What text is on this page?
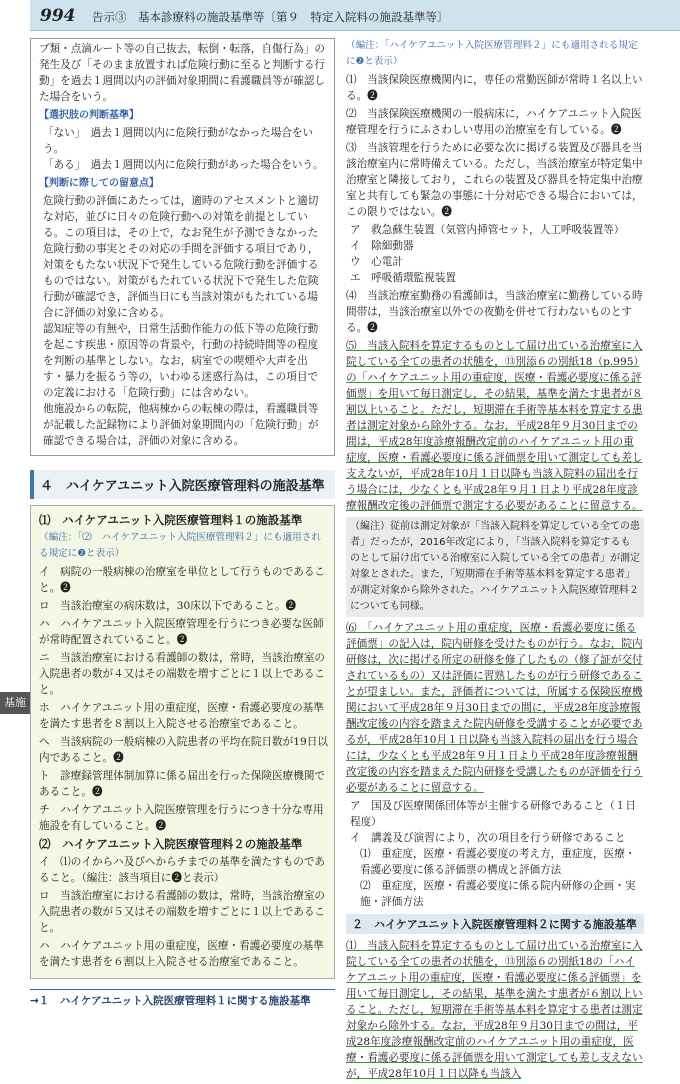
994 告示③　基本診療料の施設基準等〔第９　特定入院料の施設基準等〕
基施
ブ類・点滴ルート等の自己抜去，転倒・転落，自傷行為」の発生及び「そのまま放置すれば危険行動に至ると判断する行動」を過去１週間以内の評価対象期間に看護職員等が確認した場合をいう。
【選択肢の判断基準】
「ない」　過去１週間以内に危険行動がなかった場合をいう。
「ある」　過去１週間以内に危険行動があった場合をいう。
【判断に際しての留意点】
危険行動の評価にあたっては，適時のアセスメントと適切な対応，並びに日々の危険行動への対策を前提としている。この項目は，その上で，なお発生が予測できなかった危険行動の事実とその対応の手間を評価する項目であり，対策をもたない状況下で発生している危険行動を評価するものではない。対策がもたれている状況下で発生した危険行動が確認でき，評価当日にも当該対策がもたれている場合に評価の対象に含める。
認知症等の有無や，日常生活動作能力の低下等の危険行動を起こす疾患・原因等の背景や，行動の持続時間等の程度を判断の基準としない。なお，病室での喫煙や大声を出す・暴力を振るう等の，いわゆる迷惑行為は，この項目での定義における「危険行動」には含めない。
他施設からの転院，他病棟からの転棟の際は，看護職員等が記載した記録物により評価対象期間内の「危険行動」が確認できる場合は，評価の対象に含める。
４　ハイケアユニット入院医療管理料の施設基準
⑴　ハイケアユニット入院医療管理料１の施設基準
（編注：「⑵　ハイケアユニット入院医療管理料２」にも適用される規定に❷と表示）
イ　病院の一般病棟の治療室を単位として行うものであること。❷
ロ　当該治療室の病床数は，30床以下であること。❷
ハ　ハイケアユニット入院医療管理を行うにつき必要な医師が常時配置されていること。❷
ニ　当該治療室における看護師の数は，常時，当該治療室の入院患者の数が４又はその端数を増すごとに１以上であること。
ホ　ハイケアユニット用の重症度，医療・看護必要度の基準を満たす患者を８割以上入院させる治療室であること。
ヘ　当該病院の一般病棟の入院患者の平均在院日数が19日以内であること。❷
ト　診療録管理体制加算に係る届出を行った保険医療機関であること。❷
チ　ハイケアユニット入院医療管理を行うにつき十分な専用施設を有していること。❷
⑵　ハイケアユニット入院医療管理料２の施設基準
イ　⑴のイからハ及びヘからチまでの基準を満たすものであること。（編注：該当項目に❷と表示）
ロ　当該治療室における看護師の数は，常時，当該治療室の入院患者の数が５又はその端数を増すごとに１以上であること。
ハ　ハイケアユニット用の重症度，医療・看護必要度の基準を満たす患者を６割以上入院させる治療室であること。
→１　ハイケアユニット入院医療管理料１に関する施設基準
（編注：「ハイケアユニット入院医療管理料２」にも適用される規定に❷と表示）
⑴　当該保険医療機関内に，専任の常勤医師が常時１名以上いる。❷
⑵　当該保険医療機関の一般病床に，ハイケアユニット入院医療管理を行うにふさわしい専用の治療室を有している。❷
⑶　当該管理を行うために必要な次に掲げる装置及び器具を当該治療室内に常時備えている。ただし，当該治療室が特定集中治療室と隣接しており，これらの装置及び器具を特定集中治療室と共有しても緊急の事態に十分対応できる場合においては，この限りではない。❷
ア　救急蘇生装置（気管内挿管セット，人工呼吸装置等）
イ　除細動器
ウ　心電計
エ　呼吸循環監視装置
⑷　当該治療室勤務の看護師は，当該治療室に勤務している時間帯は，当該治療室以外での夜勤を併せて行わないものとする。❷
⑸　当該入院料を算定するものとして届け出ている治療室に入院している全ての患者の状態を，⑬別添６の別紙18（p.995）の「ハイケアユニット用の重症度，医療・看護必要度に係る評価票」を用いて毎日測定し，その結果，基準を満たす患者が８割以上いること。ただし，短期滞在手術等基本料を算定する患者は測定対象から除外する。なお，平成28年９月30日までの間は，平成28年度診療報酬改定前のハイケアユニット用の重症度，医療・看護必要度に係る評価票を用いて測定しても差し支えないが，平成28年10月１日以降も当該入院料の届出を行う場合には，少なくとも平成28年９月１日より平成28年度診療報酬改定後の評価票で測定する必要があることに留意する。
（編注）従前は測定対象が「当該入院料を算定している全ての患者」だったが，2016年改定により，「当該入院料を算定するものとして届け出ている治療室に入院している全ての患者」が測定対象とされた。また，「短期滞在手術等基本料を算定する患者」が測定対象から除外された。ハイケアユニット入院医療管理料２についても同様。
⑹　「ハイケアユニット用の重症度，医療・看護必要度に係る評価票」の記入は，院内研修を受けたものが行う。なお，院内研修は，次に掲げる所定の研修を修了したもの（修了証が交付されているもの）又は評価に習熟したものが行う研修であることが望ましい。また，評価者については，所属する保険医療機関において平成28年９月30日までの間に，平成28年度診療報酬改定後の内容を踏まえた院内研修を受講することが必要であるが，平成28年10月１日以降も当該入院料の届出を行う場合には，少なくとも平成28年９月１日より平成28年度診療報酬改定後の内容を踏まえた院内研修を受講したものが評価を行う必要があることに留意する。
ア　国及び医療関係団体等が主催する研修であること（１日程度）
イ　講義及び演習により，次の項目を行う研修であること
⑴　重症度，医療・看護必要度の考え方，重症度，医療・看護必要度に係る評価票の構成と評価方法
⑵　重症度，医療・看護必要度に係る院内研修の企画・実施・評価方法
２　ハイケアユニット入院医療管理料２に関する施設基準
⑴　当該入院料を算定するものとして届け出ている治療室に入院している全ての患者の状態を，⑬別添６の別紙18の「ハイケアユニット用の重症度，医療・看護必要度に係る評価票」を用いて毎日測定し，その結果，基準を満たす患者が６割以上いること。ただし，短期滞在手術等基本料を算定する患者は測定対象から除外する。なお，平成28年９月30日までの間は，平成28年度診療報酬改定前のハイケアユニット用の重症度，医療・看護必要度に係る評価票を用いて測定しても差し支えないが，平成28年10月１日以降も当該入
